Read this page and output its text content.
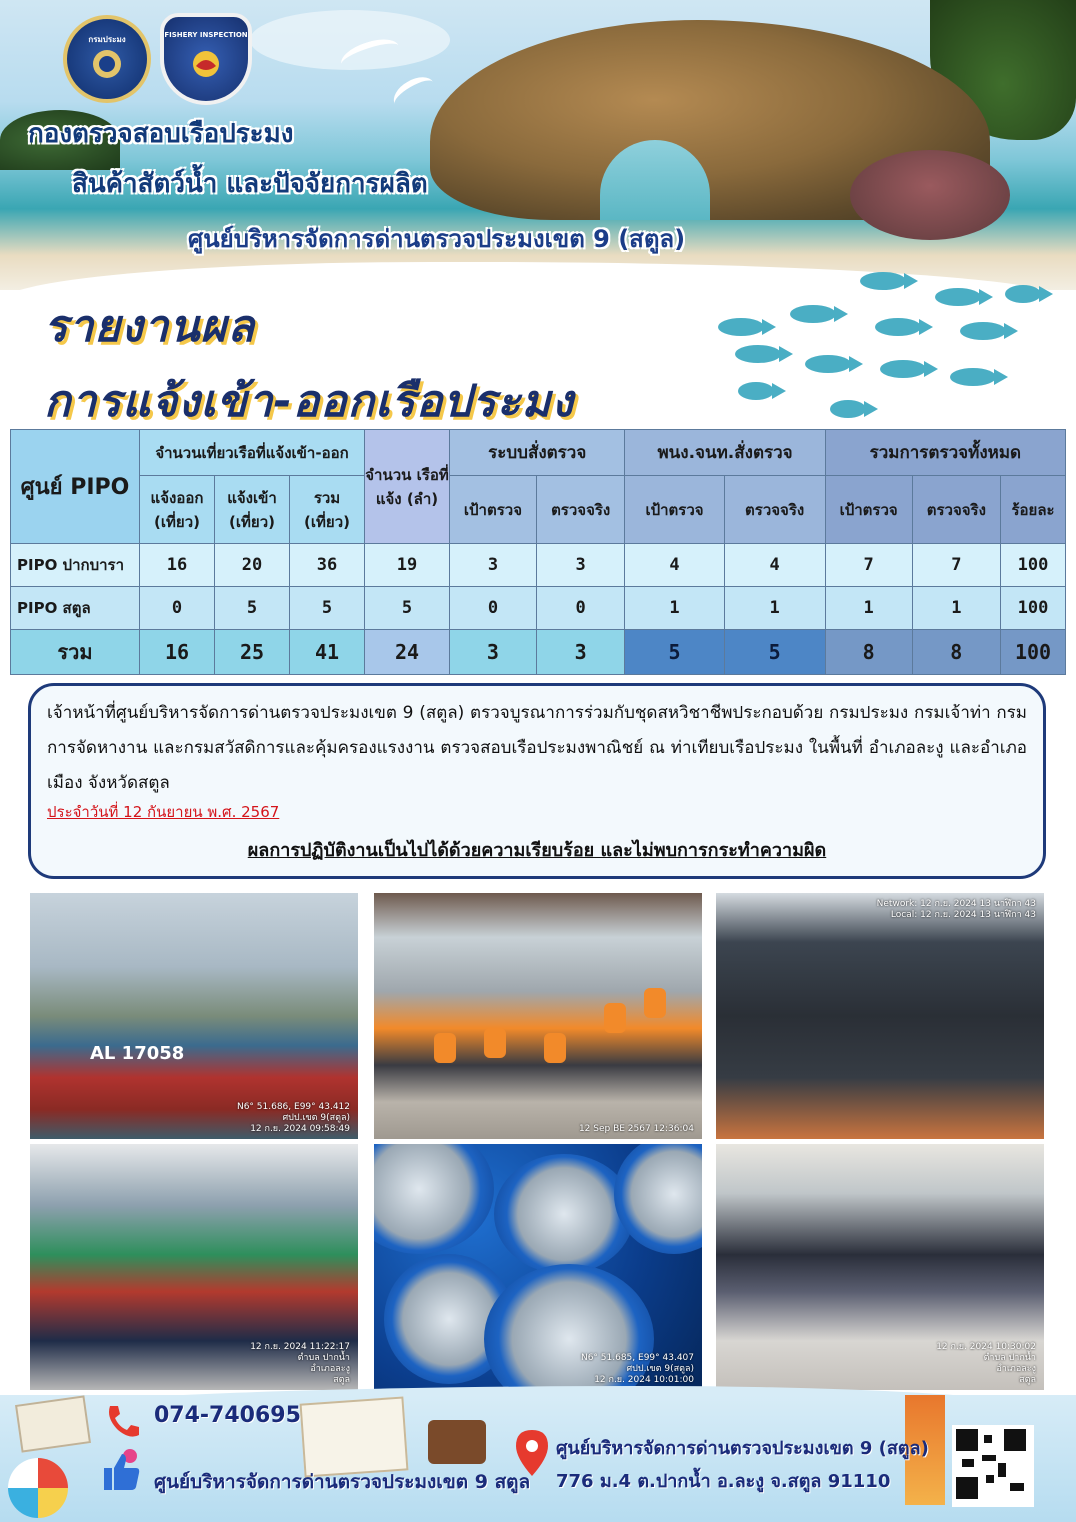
กรมประมง	FISHERY INSPECTION
กองตรวจสอบเรือประมง
สินค้าสัตว์น้ำ และปัจจัยการผลิต
ศูนย์บริหารจัดการด่านตรวจประมงเขต 9 (สตูล)
รายงานผล
การแจ้งเข้า-ออกเรือประมง
ศูนย์ PIPO	จำนวนเที่ยวเรือที่แจ้งเข้า-ออก			จำนวน เรือที่แจ้ง (ลำ)	ระบบสั่งตรวจ		พนง.จนท.สั่งตรวจ		รวมการตรวจทั้งหมด		
	แจ้งออก (เที่ยว)	แจ้งเข้า (เที่ยว)	รวม (เที่ยว)		เป้าตรวจ	ตรวจจริง	เป้าตรวจ	ตรวจจริง	เป้าตรวจ	ตรวจจริง	ร้อยละ
PIPO ปากบารา	16	20	36	19	3	3	4	4	7	7	100
PIPO สตูล	0	5	5	5	0	0	1	1	1	1	100
รวม	16	25	41	24	3	3	5	5	8	8	100

เจ้าหน้าที่ศูนย์บริหารจัดการด่านตรวจประมงเขต 9 (สตูล) ตรวจบูรณาการร่วมกับชุดสหวิชาชีพประกอบด้วย กรมประมง กรมเจ้าท่า กรมการจัดหางาน และกรมสวัสดิการและคุ้มครองแรงงาน ตรวจสอบเรือประมงพาณิชย์ ณ ท่าเทียบเรือประมง ในพื้นที่ อำเภอละงู และอำเภอเมือง จังหวัดสตูล

ประจำวันที่ 12 กันยายน พ.ศ. 2567

ผลการปฏิบัติงานเป็นไปได้ด้วยความเรียบร้อย และไม่พบการกระทำความผิด

AL 17058
N6° 51.686, E99° 43.412
ศปป.เขต 9(สตูล)
12 ก.ย. 2024 09:58:49	12 Sep BE 2567 12:36:04
Network: 12 ก.ย. 2024 13 นาฬิกา 43
Local: 12 ก.ย. 2024 13 นาฬิกา 43
12 ก.ย. 2024 11:22:17
ตำบล ปากน้ำ
อำเภอละงู
สตูล
N6° 51.685, E99° 43.407
ศปป.เขต 9(สตูล)
12 ก.ย. 2024 10:01:00
12 ก.ย. 2024 10:30:02
ตำบล ปากน้ำ
อำเภอละงู
สตูล
074-740695
ศูนย์บริหารจัดการด่านตรวจประมงเขต 9 สตูล
ศูนย์บริหารจัดการด่านตรวจประมงเขต 9 (สตูล)
776 ม.4 ต.ปากน้ำ อ.ละงู จ.สตูล 91110
